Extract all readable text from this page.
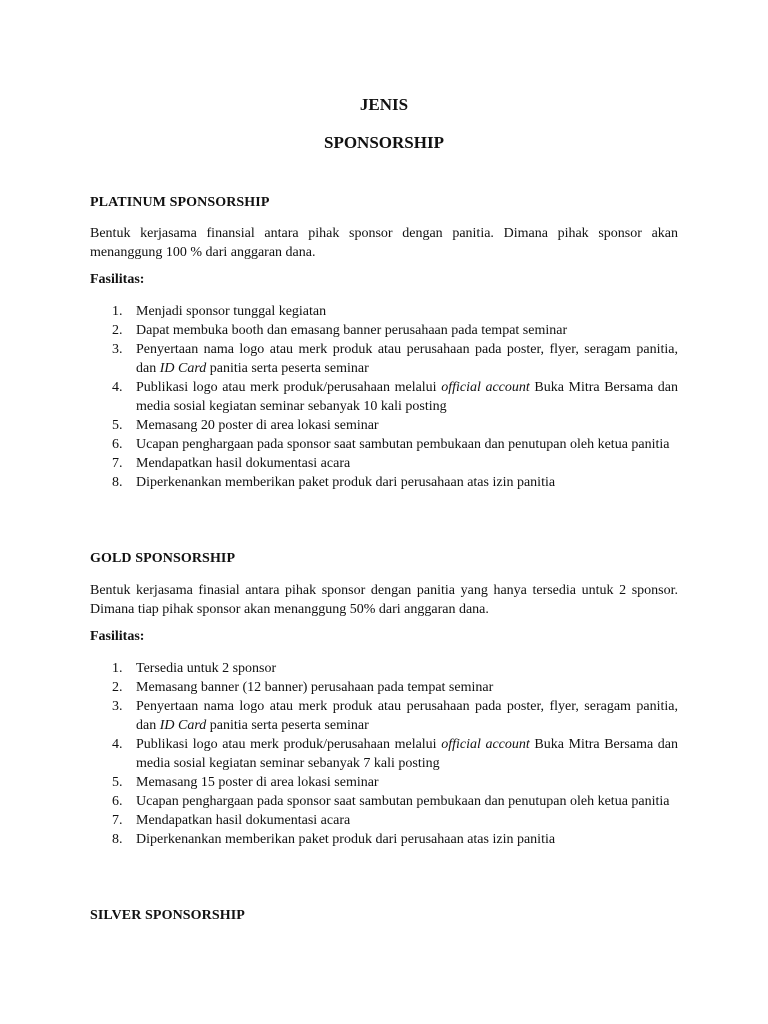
JENIS
SPONSORSHIP
PLATINUM SPONSORSHIP
Bentuk kerjasama finansial antara pihak sponsor dengan panitia. Dimana pihak sponsor akan menanggung 100 % dari anggaran dana.
Fasilitas:
1. Menjadi sponsor tunggal kegiatan
2. Dapat membuka booth dan emasang banner perusahaan pada tempat seminar
3. Penyertaan nama logo atau merk produk atau perusahaan pada poster, flyer, seragam panitia, dan ID Card panitia serta peserta seminar
4. Publikasi logo atau merk produk/perusahaan melalui official account Buka Mitra Bersama dan media sosial kegiatan seminar sebanyak 10 kali posting
5. Memasang 20 poster di area lokasi seminar
6. Ucapan penghargaan pada sponsor saat sambutan pembukaan dan penutupan oleh ketua panitia
7. Mendapatkan hasil dokumentasi acara
8. Diperkenankan memberikan paket produk dari perusahaan atas izin panitia
GOLD SPONSORSHIP
Bentuk kerjasama finasial antara pihak sponsor dengan panitia yang hanya tersedia untuk 2 sponsor. Dimana tiap pihak sponsor akan menanggung 50% dari anggaran dana.
Fasilitas:
1. Tersedia untuk 2 sponsor
2. Memasang banner (12 banner) perusahaan pada tempat seminar
3. Penyertaan nama logo atau merk produk atau perusahaan pada poster, flyer, seragam panitia, dan ID Card panitia serta peserta seminar
4. Publikasi logo atau merk produk/perusahaan melalui official account Buka Mitra Bersama dan media sosial kegiatan seminar sebanyak 7 kali posting
5. Memasang 15 poster di area lokasi seminar
6. Ucapan penghargaan pada sponsor saat sambutan pembukaan dan penutupan oleh ketua panitia
7. Mendapatkan hasil dokumentasi acara
8. Diperkenankan memberikan paket produk dari perusahaan atas izin panitia
SILVER SPONSORSHIP
